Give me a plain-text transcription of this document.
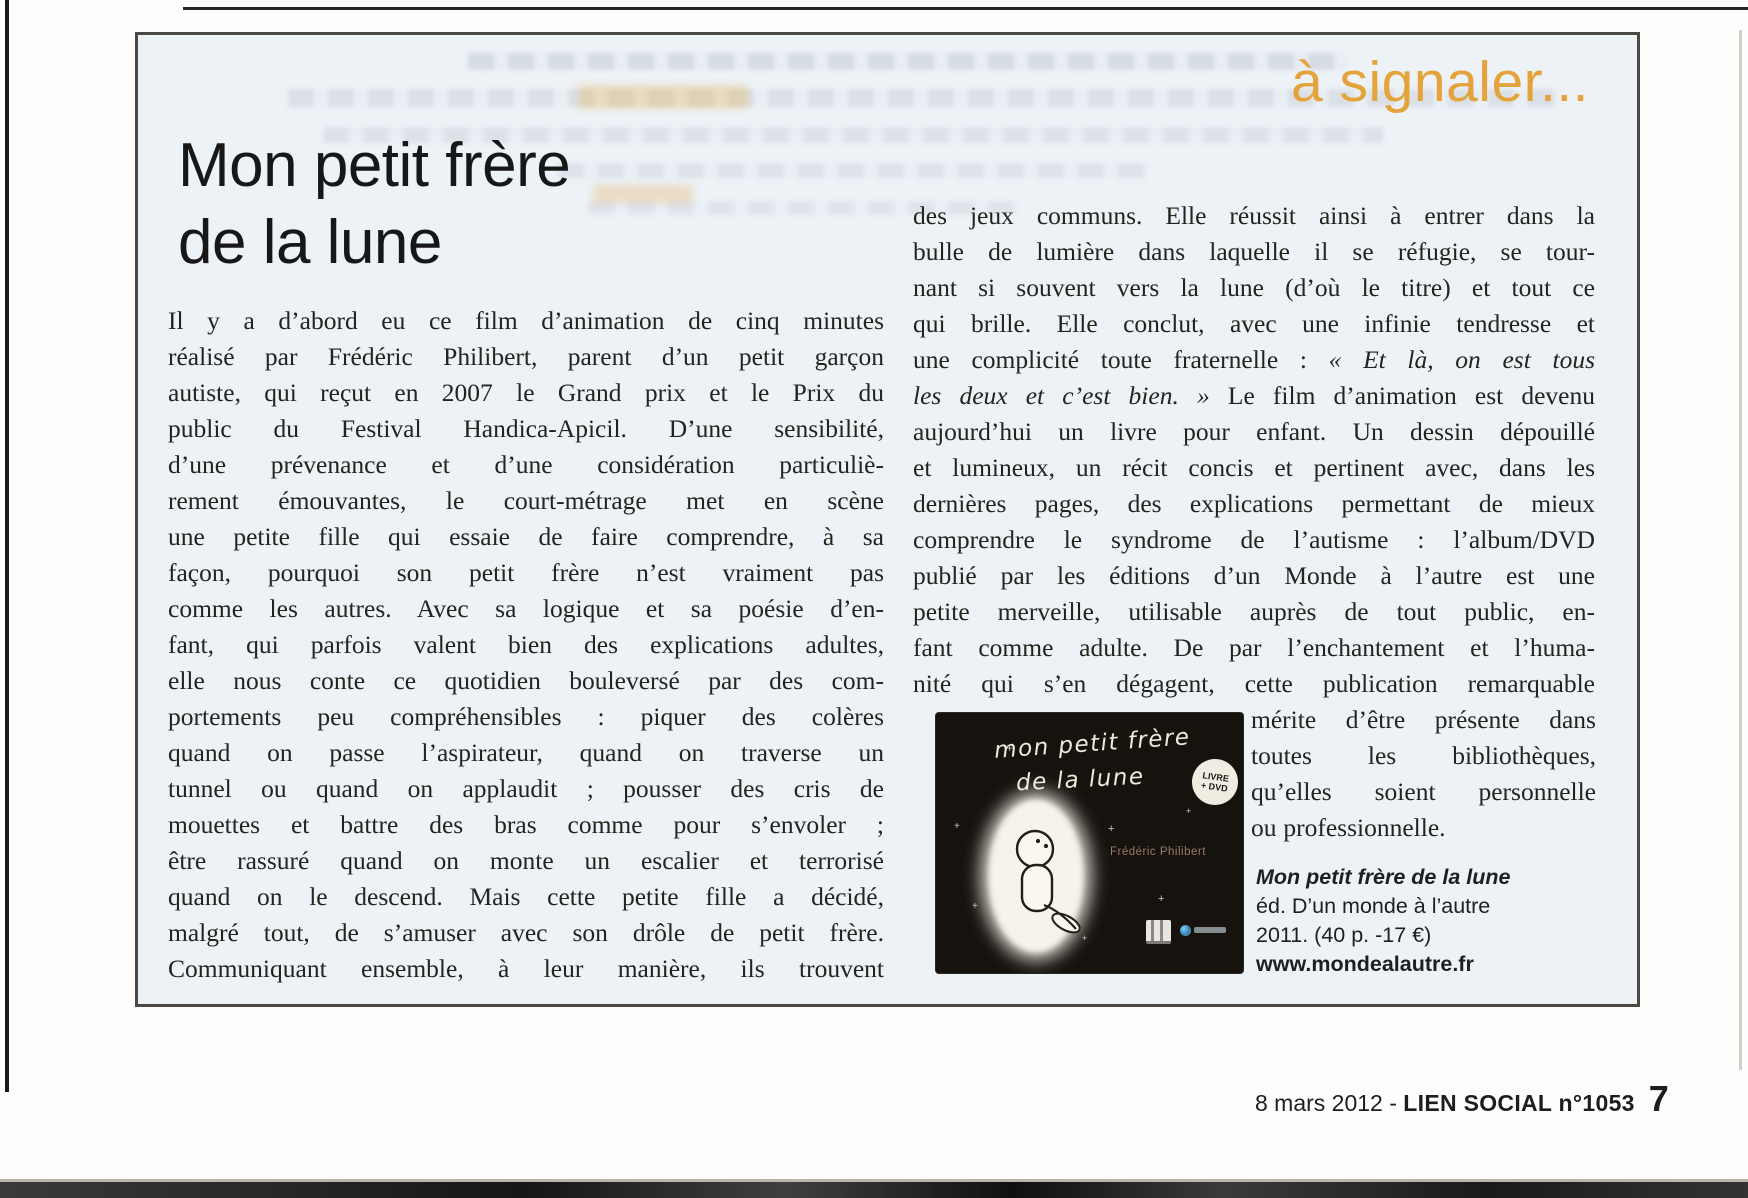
à signaler...
Mon petit frère
de la lune
Il y a d’abord eu ce film d’animation de cinq minutes
réalisé par Frédéric Philibert, parent d’un petit garçon
autiste, qui reçut en 2007 le Grand prix et le Prix du
public du Festival Handica-Apicil. D’une sensibilité,
d’une prévenance et d’une considération particuliè-
rement émouvantes, le court-métrage met en scène
une petite fille qui essaie de faire comprendre, à sa
façon, pourquoi son petit frère n’est vraiment pas
comme les autres. Avec sa logique et sa poésie d’en-
fant, qui parfois valent bien des explications adultes,
elle nous conte ce quotidien bouleversé par des com-
portements peu compréhensibles : piquer des colères
quand on passe l’aspirateur, quand on traverse un
tunnel ou quand on applaudit ; pousser des cris de
mouettes et battre des bras comme pour s’envoler ;
être rassuré quand on monte un escalier et terrorisé
quand on le descend. Mais cette petite fille a décidé,
malgré tout, de s’amuser avec son drôle de petit frère.
Communiquant ensemble, à leur manière, ils trouvent
des jeux communs. Elle réussit ainsi à entrer dans la
bulle de lumière dans laquelle il se réfugie, se tour-
nant si souvent vers la lune (d’où le titre) et tout ce
qui brille. Elle conclut, avec une infinie tendresse et
une complicité toute fraternelle : « Et là, on est tous
les deux et c’est bien. » Le film d’animation est devenu
aujourd’hui un livre pour enfant. Un dessin dépouillé
et lumineux, un récit concis et pertinent avec, dans les
dernières pages, des explications permettant de mieux
comprendre le syndrome de l’autisme : l’album/DVD
publié par les éditions d’un Monde à l’autre est une
petite merveille, utilisable auprès de tout public, en-
fant comme adulte. De par l’enchantement et l’huma-
nité qui s’en dégagent, cette publication remarquable
mérite d’être présente dans
toutes les bibliothèques,
qu’elles soient personnelle
ou professionnelle.
+
+
+
+
+
+
+
+
mon petit frère
de la lune	LIVRE
+ DVD
Frédéric Philibert
Mon petit frère de la lune
éd. D’un monde à l’autre
2011. (40 p. -17 €)
www.mondealautre.fr
8 mars 2012 - LIEN SOCIAL n°1053 7
